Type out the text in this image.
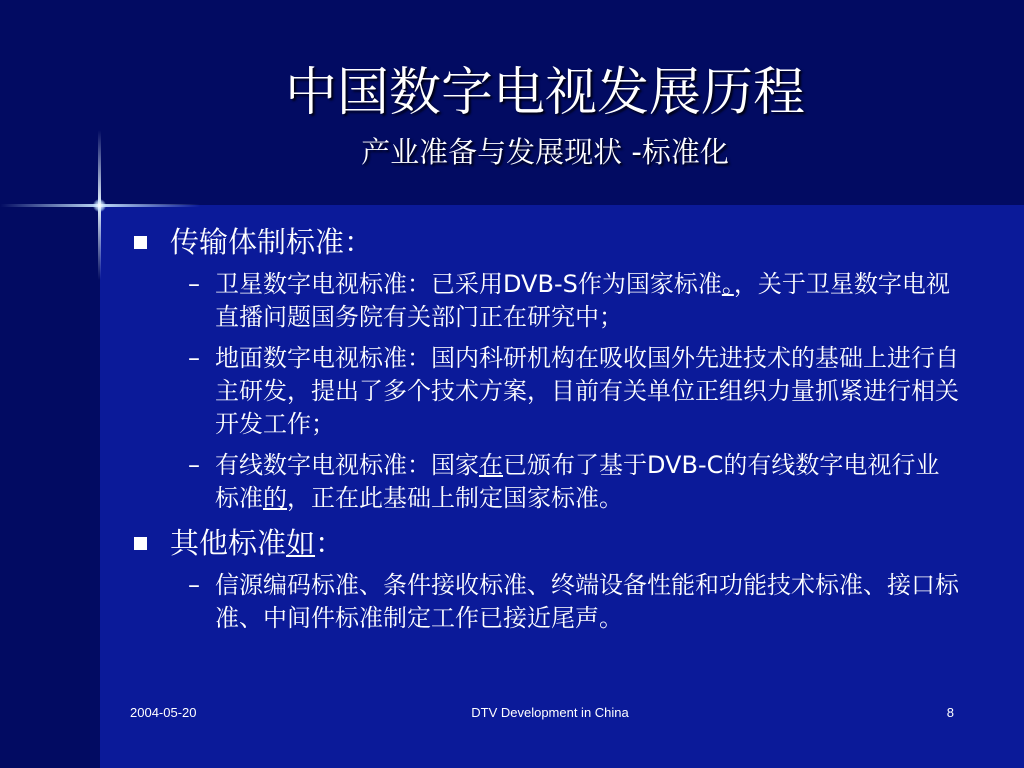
中国数字电视发展历程
产业准备与发展现状 -标准化
传输体制标准：
– 卫星数字电视标准：已采用DVB-S作为国家标准。，关于卫星数字电视直播问题国务院有关部门正在研究中；
– 地面数字电视标准：国内科研机构在吸收国外先进技术的基础上进行自主研发，提出了多个技术方案，目前有关单位正组织力量抓紧进行相关开发工作；
– 有线数字电视标准：国家在已颁布了基于DVB-C的有线数字电视行业标准的，正在此基础上制定国家标准。
其他标准如：
– 信源编码标准、条件接收标准、终端设备性能和功能技术标准、接口标准、中间件标准制定工作已接近尾声。
2004-05-20	DTV Development in China	8
